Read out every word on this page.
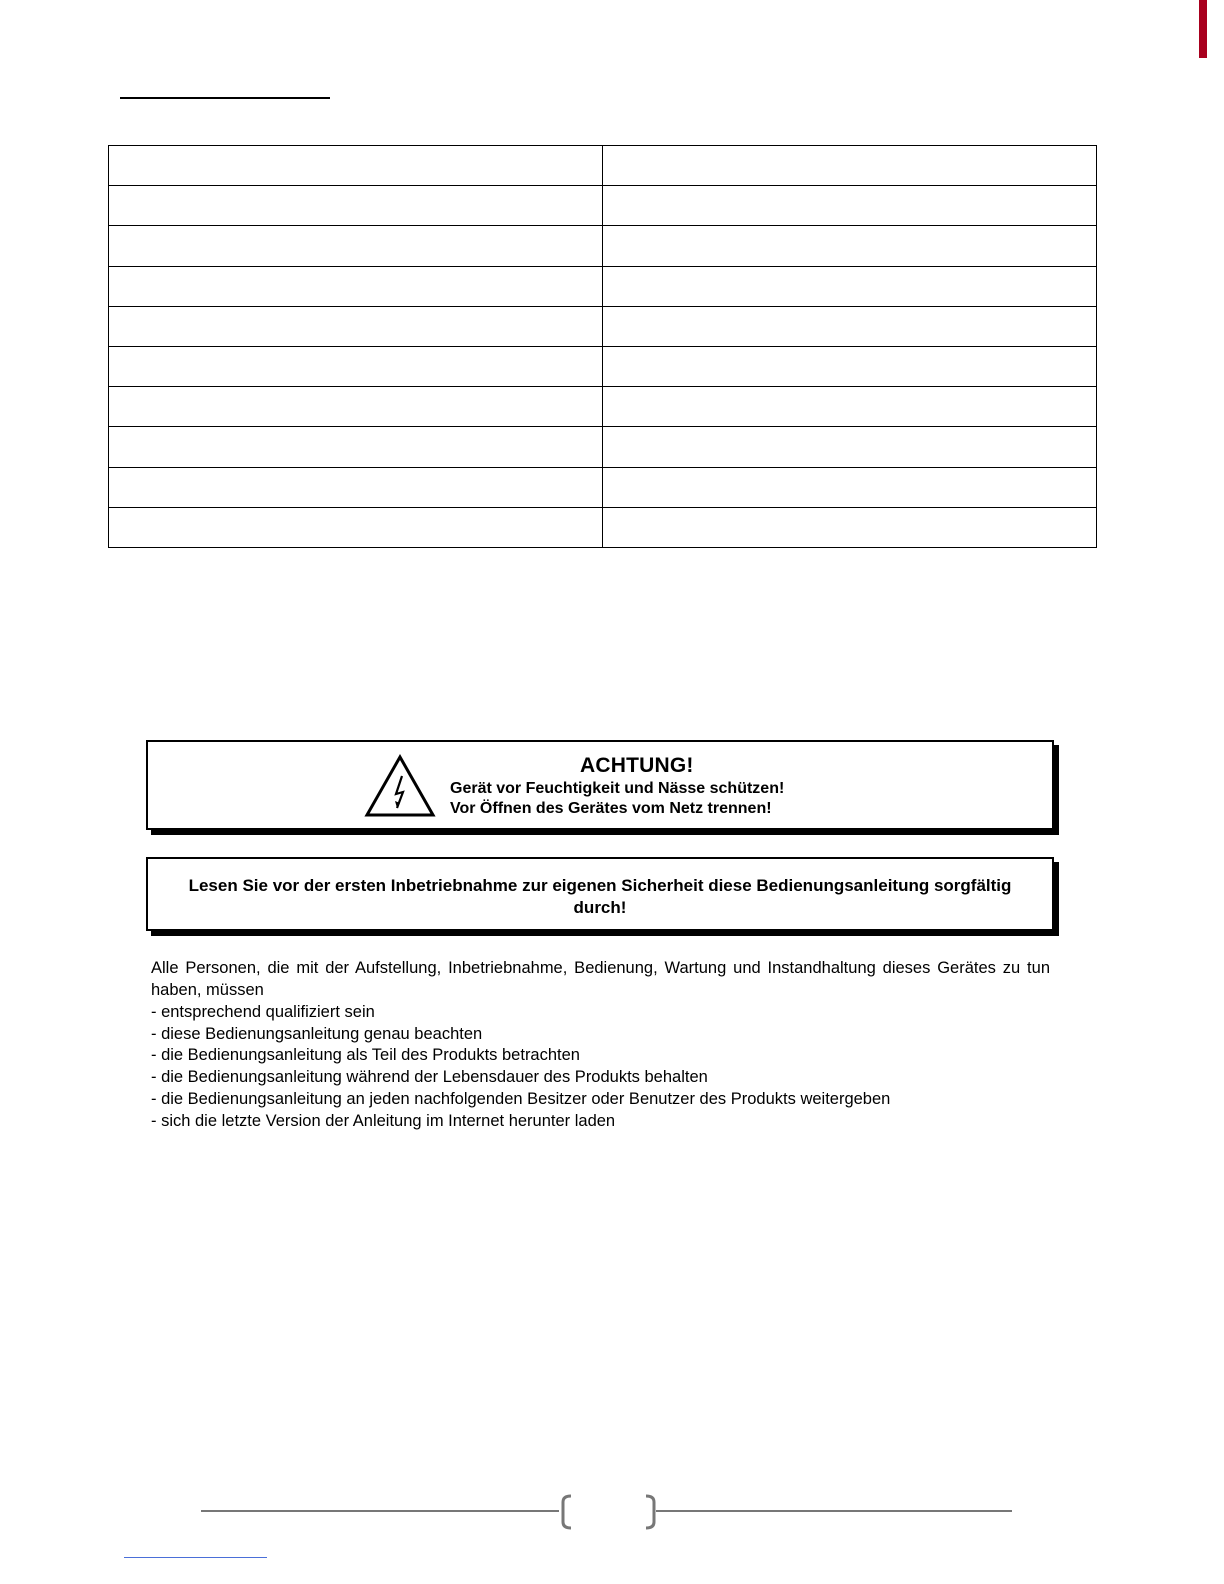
ACHTUNG!
Gerät vor Feuchtigkeit und Nässe schützen!
Vor Öffnen des Gerätes vom Netz trennen!
Lesen Sie vor der ersten Inbetriebnahme zur eigenen Sicherheit diese Bedienungsanleitung sorgfältig durch!
Alle Personen, die mit der Aufstellung, Inbetriebnahme, Bedienung, Wartung und Instandhaltung dieses Gerätes zu tun haben, müssen
- entsprechend qualifiziert sein
- diese Bedienungsanleitung genau beachten
- die Bedienungsanleitung als Teil des Produkts betrachten
- die Bedienungsanleitung während der Lebensdauer des Produkts behalten
- die Bedienungsanleitung an jeden nachfolgenden Besitzer oder Benutzer des Produkts weitergeben
- sich die letzte Version der Anleitung im Internet herunter laden
